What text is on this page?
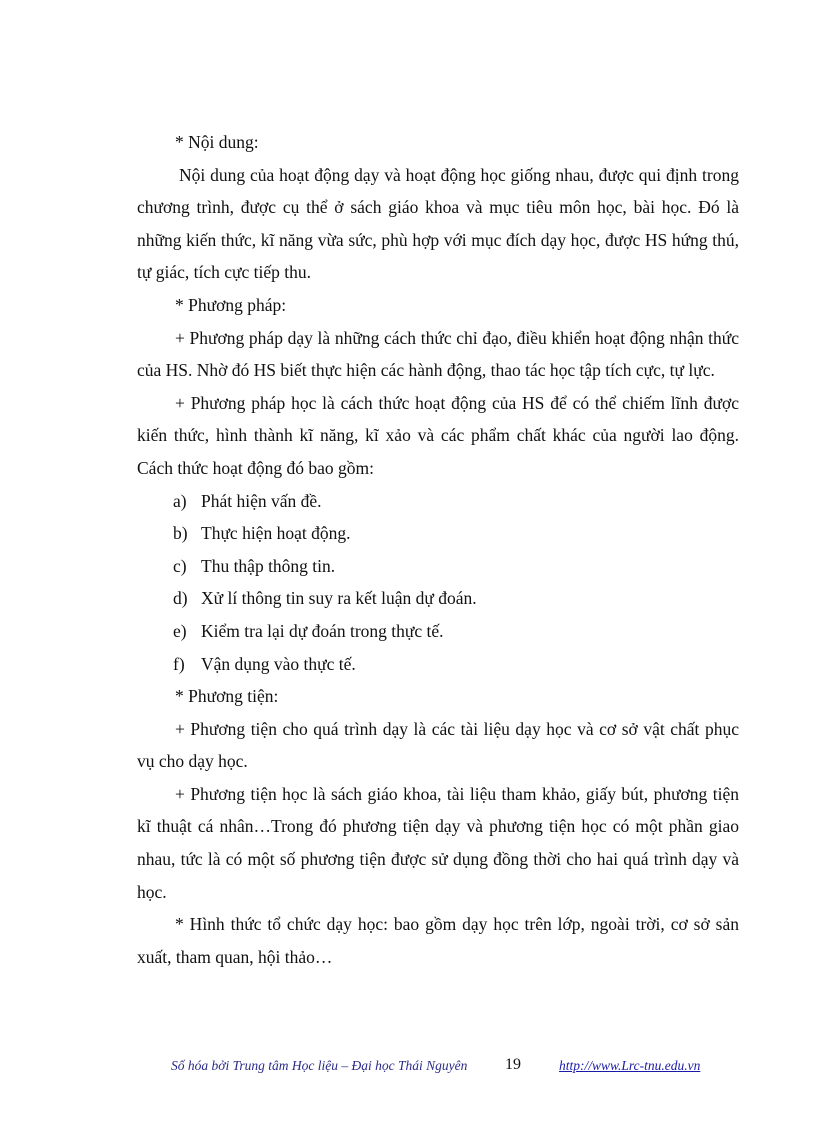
* Nội dung:

Nội dung của hoạt động dạy và hoạt động học giống nhau, được qui định trong chương trình, được cụ thể ở sách giáo khoa và mục tiêu môn học, bài học. Đó là những kiến thức, kĩ năng vừa sức, phù hợp với mục đích dạy học, được HS hứng thú, tự giác, tích cực tiếp thu.

* Phương pháp:

+ Phương pháp dạy là những cách thức chỉ đạo, điều khiển hoạt động nhận thức của HS. Nhờ đó HS biết thực hiện các hành động, thao tác học tập tích cực, tự lực.

+ Phương pháp học là cách thức hoạt động của HS để có thể chiếm lĩnh được kiến thức, hình thành kĩ năng, kĩ xảo và các phẩm chất khác của người lao động. Cách thức hoạt động đó bao gồm:

a) Phát hiện vấn đề.
b) Thực hiện hoạt động.
c) Thu thập thông tin.
d) Xử lí thông tin suy ra kết luận dự đoán.
e) Kiểm tra lại dự đoán trong thực tế.
f) Vận dụng vào thực tế.

* Phương tiện:

+ Phương tiện cho quá trình dạy là các tài liệu dạy học và cơ sở vật chất phục vụ cho dạy học.

+ Phương tiện học là sách giáo khoa, tài liệu tham khảo, giấy bút, phương tiện kĩ thuật cá nhân…Trong đó phương tiện dạy và phương tiện học có một phần giao nhau, tức là có một số phương tiện được sử dụng đồng thời cho hai quá trình dạy và học.

* Hình thức tổ chức dạy học: bao gồm dạy học trên lớp, ngoài trời, cơ sở sản xuất, tham quan, hội thảo…

Số hóa bởi Trung tâm Học liệu – Đại học Thái Nguyên 19	http://www.Lrc-tnu.edu.vn
